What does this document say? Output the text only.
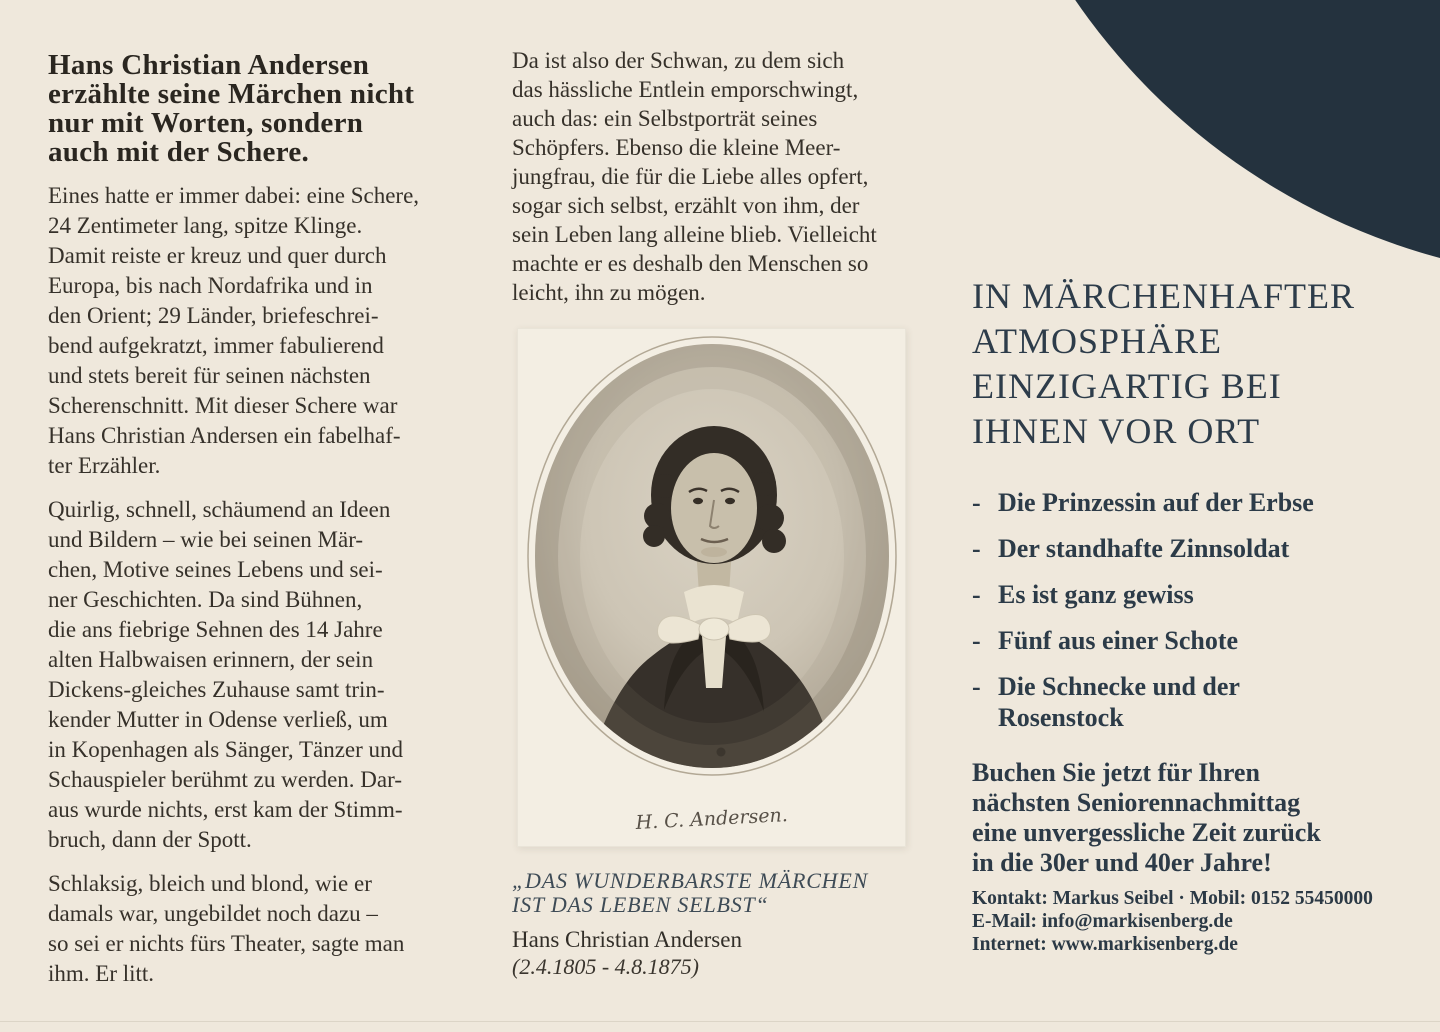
Hans Christian Andersen
erzählte seine Märchen nicht
nur mit Worten, sondern
auch mit der Schere.

Eines hatte er immer dabei: eine Schere,
24 Zentimeter lang, spitze Klinge.
Damit reiste er kreuz und quer durch
Europa, bis nach Nordafrika und in
den Orient; 29 Länder, briefeschrei-
bend aufgekratzt, immer fabulierend
und stets bereit für seinen nächsten
Scherenschnitt. Mit dieser Schere war
Hans Christian Andersen ein fabelhaf-
ter Erzähler.

Quirlig, schnell, schäumend an Ideen
und Bildern – wie bei seinen Mär-
chen, Motive seines Lebens und sei-
ner Geschichten. Da sind Bühnen,
die ans fiebrige Sehnen des 14 Jahre
alten Halbwaisen erinnern, der sein
Dickens-gleiches Zuhause samt trin-
kender Mutter in Odense verließ, um
in Kopenhagen als Sänger, Tänzer und
Schauspieler berühmt zu werden. Dar-
aus wurde nichts, erst kam der Stimm-
bruch, dann der Spott.

Schlaksig, bleich und blond, wie er
damals war, ungebildet noch dazu –
so sei er nichts fürs Theater, sagte man
ihm. Er litt.

Da ist also der Schwan, zu dem sich
das hässliche Entlein emporschwingt,
auch das: ein Selbstporträt seines
Schöpfers. Ebenso die kleine Meer-
jungfrau, die für die Liebe alles opfert,
sogar sich selbst, erzählt von ihm, der
sein Leben lang alleine blieb. Vielleicht
machte er es deshalb den Menschen so
leicht, ihn zu mögen.

H. C. Andersen.
„DAS WUNDERBARSTE MÄRCHEN
IST DAS LEBEN SELBST“
Hans Christian Andersen
(2.4.1805 - 4.8.1875)
IN MÄRCHENHAFTER
ATMOSPHÄRE
EINZIGARTIG BEI
IHNEN VOR ORT
- Die Prinzessin auf der Erbse
- Der standhafte Zinnsoldat
- Es ist ganz gewiss
- Fünf aus einer Schote
- Die Schnecke und der
Rosenstock
Buchen Sie jetzt für Ihren
nächsten Seniorennachmittag
eine unvergessliche Zeit zurück
in die 30er und 40er Jahre!
Kontakt: Markus Seibel · Mobil: 0152 55450000
E-Mail: info@markisenberg.de
Internet: www.markisenberg.de
